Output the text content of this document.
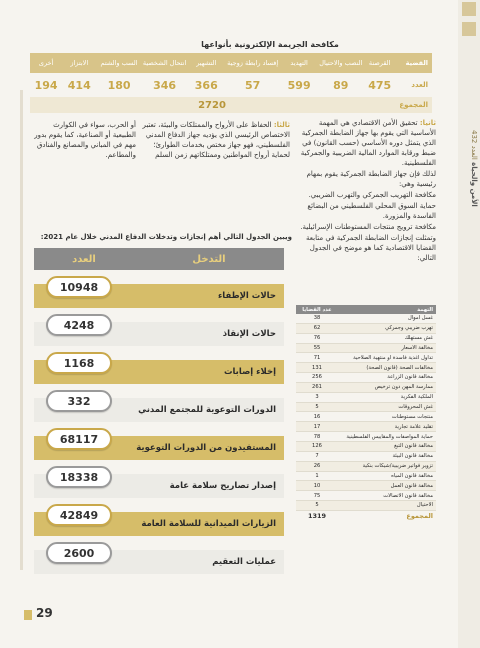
الأمن والحياة العدد 432
مكافحة الجريمة الإلكترونية بأنواعها
القضية
القرصنة
النصب والاحتيال
التهديد
إفساد رابطة زوجية
التشهير
انتحال الشخصية
السب والشتم
الابتزاز
أخرى
العدد
475
89
599
57
366
346
180
414
194
المجموع
2720
ثانيا: تحقيق الأمن الاقتصادي هي المهمة الأساسية التي يقوم بها جهاز الضابطة الجمركية الذي يتمثل دوره الأساسي (حسب القانون) في ضبط ورقابة الموارد المالية الضريبية والجمركية الفلسطينية.
لذلك فإن جهاز الضابطة الجمركية يقوم بمهام رئيسية وهي:
مكافحة التهريب الجمركي والتهرب الضريبي.
حماية السوق المحلي الفلسطيني من البضائع الفاسدة والمزورة.
مكافحة ترويج منتجات المستوطنات الإسرائيلية.
وتمثلت إنجازات الضابطة الجمركية في متابعة القضايا الاقتصادية كما هو موضح في الجدول التالي:
ثالثا: الحفاظ على الأرواح والممتلكات والبيئة، تعتبر الاختصاص الرئيسي الذي يؤديه جهاز الدفاع المدني الفلسطيني، فهو جهاز مختص بخدمات الطوارئ؛ لحماية أرواح المواطنين وممتلكاتهم زمن السلم
أو الحرب، سواء في الكوارث الطبيعية أو الصناعية، كما يقوم بدور مهم في المباني والمصانع والفنادق والمطاعم.
ويبين الجدول التالي أهم إنجازات وتدخلات الدفاع المدني خلال عام 2021:
التدخل
العدد
حالات الإطفاء
10948
حالات الإنقاذ
4248
إخلاء إصابات
1168
الدورات التوعوية للمجتمع المدني
332
المستفيدون من الدورات التوعوية
68117
إصدار تصاريح سلامة عامة
18338
الزيارات الميدانية للسلامة العامة
42849
عمليات التعقيم
2600
التهمة
عدد القضايا
غسل أموال
38
تهرب ضريبي وجمركي
62
غش مستهلك
76
مخالفة الأسعار
55
تداول أغذية فاسدة أو منتهية الصلاحية
71
مخالفات الصحة (قانون الصحة)
131
مخالفة قانون الزراعة
256
ممارسة المهن دون ترخيص
261
الملكية الفكرية
3
غش المحروقات
5
منتجات مستوطنات
16
تقليد علامة تجارية
17
حماية المواصفات والمقاييس الفلسطينية
78
مخالفة قانون التبغ
126
مخالفة قانون البيئة
7
تزوير فواتير ضريبية/شيكات بنكية
26
مخالفة قانون المياه
1
مخالفة قانون العمل
10
مخالفة قانون الاتصالات
75
الاحتيال
5
المجموع
1319
29
